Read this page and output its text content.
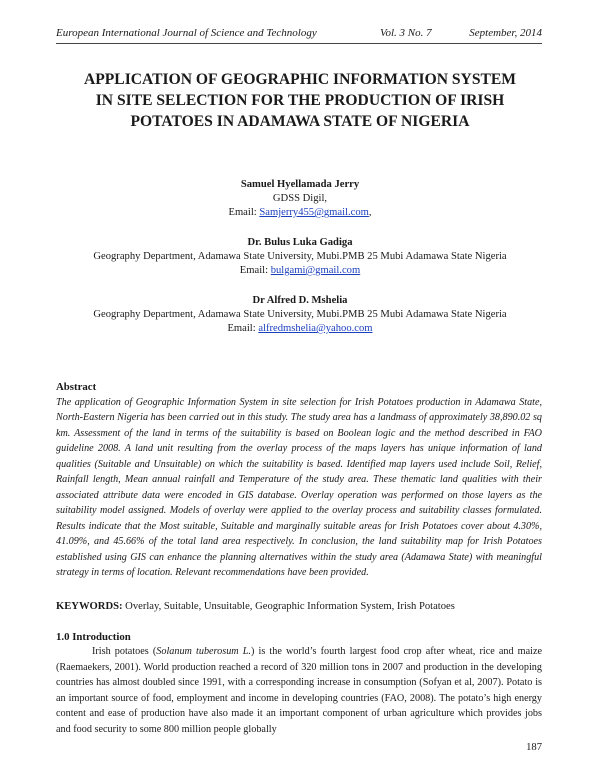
European International Journal of Science and Technology	Vol. 3 No. 7	September, 2014
APPLICATION OF GEOGRAPHIC INFORMATION SYSTEM
IN SITE SELECTION FOR THE PRODUCTION OF IRISH
POTATOES IN ADAMAWA STATE OF NIGERIA
Samuel Hyellamada Jerry
GDSS Digil,
Email: Samjerry455@gmail.com,
Dr. Bulus Luka Gadiga
Geography Department, Adamawa State University, Mubi.PMB 25 Mubi Adamawa State Nigeria
Email: bulgami@gmail.com
Dr Alfred D. Mshelia
Geography Department, Adamawa State University, Mubi.PMB 25 Mubi Adamawa State Nigeria
Email: alfredmshelia@yahoo.com
Abstract

The application of Geographic Information System in site selection for Irish Potatoes production in Adamawa State, North-Eastern Nigeria has been carried out in this study. The study area has a landmass of approximately 38,890.02 sq km. Assessment of the land in terms of the suitability is based on Boolean logic and the method described in FAO guideline 2008. A land unit resulting from the overlay process of the maps layers has unique information of land qualities (Suitable and Unsuitable) on which the suitability is based. Identified map layers used include Soil, Relief, Rainfall length, Mean annual rainfall and Temperature of the study area. These thematic land qualities with their associated attribute data were encoded in GIS database. Overlay operation was performed on those layers as the suitability model assigned. Models of overlay were applied to the overlay process and suitability classes formulated. Results indicate that the Most suitable, Suitable and marginally suitable areas for Irish Potatoes cover about 4.30%, 41.09%, and 45.66% of the total land area respectively. In conclusion, the land suitability map for Irish Potatoes established using GIS can enhance the planning alternatives within the study area (Adamawa State) with meaningful strategy in terms of location. Relevant recommendations have been provided.

KEYWORDS: Overlay, Suitable, Unsuitable, Geographic Information System, Irish Potatoes
1.0 Introduction

Irish potatoes (Solanum tuberosum L.) is the world’s fourth largest food crop after wheat, rice and maize (Raemaekers, 2001). World production reached a record of 320 million tons in 2007 and production in the developing countries has almost doubled since 1991, with a corresponding increase in consumption (Sofyan et al, 2007). Potato is an important source of food, employment and income in developing countries (FAO, 2008). The potato’s high energy content and ease of production have also made it an important component of urban agriculture which provides jobs and food security to some 800 million people globally

187
